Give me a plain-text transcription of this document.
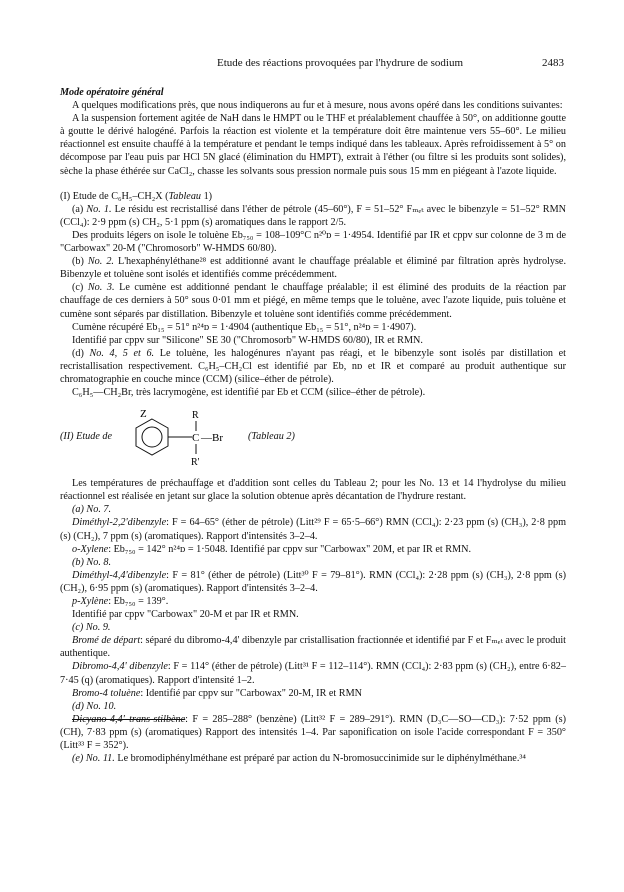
Etude des réactions provoquées par l'hydrure de sodium	2483

Mode opératoire général

A quelques modifications près, que nous indiquerons au fur et à mesure, nous avons opéré dans les conditions suivantes:

A la suspension fortement agitée de NaH dans le HMPT ou le THF et préalablement chauffée à 50°, on additionne goutte à goutte le dérivé halogéné. Parfois la réaction est violente et la température doit être maintenue vers 55–60°. Le milieu réactionnel est ensuite chauffé à la température et pendant le temps indiqué dans les tableaux. Après refroidissement à 5° on décompose par l'eau puis par HCl 5N glacé (élimination du HMPT), extrait à l'éther (ou filtre si les produits sont solides), sèche la phase éthérée sur CaCl₂, chasse les solvants sous pression normale puis sous 15 mm en piégeant à l'azote liquide.

(I) Etude de C₆H₅–CH₂X (Tableau 1)

(a) No. 1. Le résidu est recristallisé dans l'éther de pétrole (45–60°), F = 51–52° Fₘₑₜ avec le bibenzyle = 51–52° RMN (CCl₄): 2·9 ppm (s) CH₂, 5·1 ppm (s) aromatiques dans le rapport 2/5.

Des produits légers on isole le toluène Eb₇₅₀ = 108–109°C n²⁰ᴅ = 1·4954. Identifié par IR et cppv sur colonne de 3 m de "Carbowax" 20-M ("Chromosorb" W-HMDS 60/80).

(b) No. 2. L'hexaphényléthane²⁸ est additionné avant le chauffage préalable et éliminé par filtration après hydrolyse. Bibenzyle et toluène sont isolés et identifiés comme précédemment.

(c) No. 3. Le cumène est additionné pendant le chauffage préalable; il est éliminé des produits de la réaction par chauffage de ces derniers à 50° sous 0·01 mm et piégé, en même temps que le toluène, avec l'azote liquide, puis toluène et cumène sont séparés par distillation. Bibenzyle et toluène sont identifiés comme précédemment.

Cumène récupéré Eb₁₅ = 51° n²⁴ᴅ = 1·4904 (authentique Eb₁₅ = 51°, n²⁴ᴅ = 1·4907).

Identifié par cppv sur "Silicone" SE 30 ("Chromosorb" W-HMDS 60/80), IR et RMN.

(d) No. 4, 5 et 6. Le toluène, les halogénures n'ayant pas réagi, et le bibenzyle sont isolés par distillation et recristallisation respectivement. C₆H₅–CH₂Cl est identifié par Eb, nᴅ et IR et comparé au produit authentique sur chromatographie en couche mince (CCM) (silice–éther de pétrole).

C₆H₅—CH₂Br, très lacrymogène, est identifié par Eb et CCM (silice–éther de pétrole).

(II) Etude de
Z	R
C —Br
R'
(Tableau 2)

Les températures de préchauffage et d'addition sont celles du Tableau 2; pour les No. 13 et 14 l'hydrolyse du milieu réactionnel est réalisée en jetant sur glace la solution obtenue après décantation de l'hydrure restant.

(a) No. 7.

Diméthyl-2,2'dibenzyle: F = 64–65° (éther de pétrole) (Litt²⁹ F = 65·5–66°) RMN (CCl₄): 2·23 ppm (s) (CH₃), 2·8 ppm (s) (CH₂), 7 ppm (s) (aromatiques). Rapport d'intensités 3–2–4.

o-Xylene: Eb₇₅₀ = 142° n²⁴ᴅ = 1·5048. Identifié par cppv sur "Carbowax" 20M, et par IR et RMN.

(b) No. 8.

Diméthyl-4,4'dibenzyle: F = 81° (éther de pétrole) (Litt³⁰ F = 79–81°). RMN (CCl₄): 2·28 ppm (s) (CH₃), 2·8 ppm (s) (CH₂), 6·95 ppm (s) (aromatiques). Rapport d'intensités 3–2–4.

p-Xylène: Eb₇₅₀ = 139°.

Identifié par cppv "Carbowax" 20-M et par IR et RMN.

(c) No. 9.

Bromé de départ: séparé du dibromo-4,4' dibenzyle par cristallisation fractionnée et identifié par F et Fₘₑₜ avec le produit authentique.

Dibromo-4,4' dibenzyle: F = 114° (éther de pétrole) (Litt³¹ F = 112–114°). RMN (CCl₄): 2·83 ppm (s) (CH₂), entre 6·82–7·45 (q) (aromatiques). Rapport d'intensité 1–2.

Bromo-4 toluène: Identifié par cppv sur "Carbowax" 20-M, IR et RMN

(d) No. 10.

Dicyano-4,4' trans-stilbène: F = 285–288° (benzène) (Litt³² F = 289–291°). RMN (D₃C—SO—CD₃): 7·52 ppm (s) (CH), 7·83 ppm (s) (aromatiques) Rapport des intensités 1–4. Par saponification on isole l'acide correspondant F = 350° (Litt³³ F = 352°).

(e) No. 11. Le bromodiphénylméthane est préparé par action du N-bromosuccinimide sur le diphénylméthane.³⁴
